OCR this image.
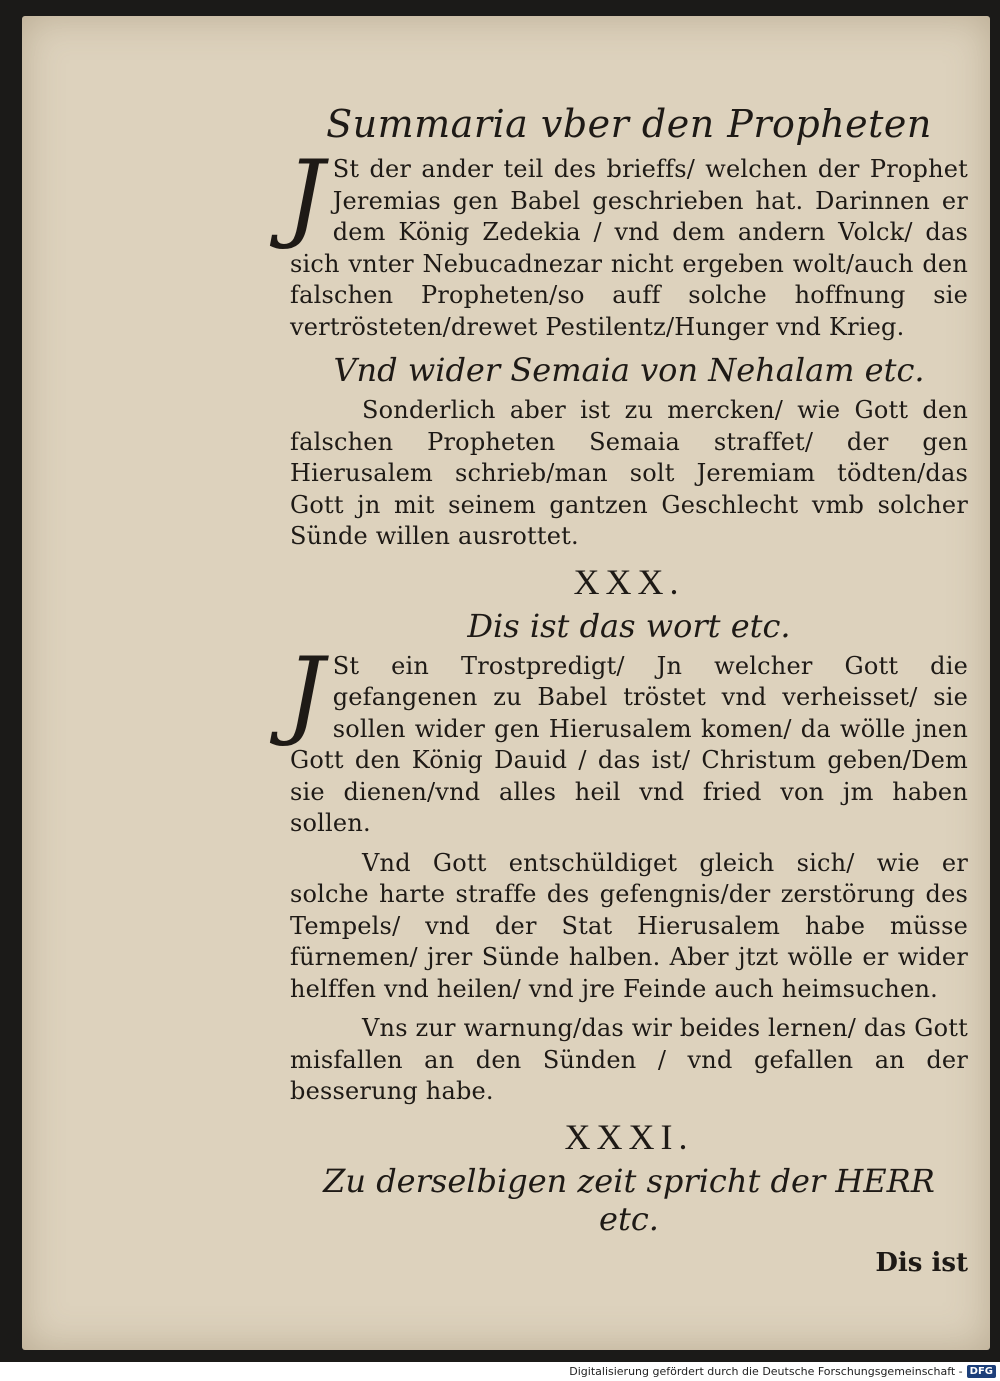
Summaria vber den Propheten

J St der ander teil des brieffs/ welchen der Prophet Jeremias gen Babel geschrieben hat. Darinnen er dem König Zedekia / vnd dem andern Volck/ das sich vnter Nebucadnezar nicht ergeben wolt/auch den falschen Propheten/so auff solche hoffnung sie vertrösteten/drewet Pestilentz/Hunger vnd Krieg.

Vnd wider Semaia von Nehalam etc.

Sonderlich aber ist zu mercken/ wie Gott den falschen Propheten Semaia straffet/ der gen Hierusalem schrieb/man solt Jeremiam tödten/das Gott jn mit seinem gantzen Geschlecht vmb solcher Sünde willen ausrottet.

XXX.
Dis ist das wort etc.

J St ein Trostpredigt/ Jn welcher Gott die gefangenen zu Babel tröstet vnd verheisset/ sie sollen wider gen Hierusalem komen/ da wölle jnen Gott den König Dauid / das ist/ Christum geben/Dem sie dienen/vnd alles heil vnd fried von jm haben sollen.

Vnd Gott entschüldiget gleich sich/ wie er solche harte straffe des gefengnis/der zerstörung des Tempels/ vnd der Stat Hierusalem habe müsse fürnemen/ jrer Sünde halben. Aber jtzt wölle er wider helffen vnd heilen/ vnd jre Feinde auch heimsuchen.

Vns zur warnung/das wir beides lernen/ das Gott misfallen an den Sünden / vnd gefallen an der besserung habe.

XXXI.
Zu derselbigen zeit spricht der HERR etc.
Dis ist
Digitalisierung gefördert durch die Deutsche Forschungsgemeinschaft - DFG
